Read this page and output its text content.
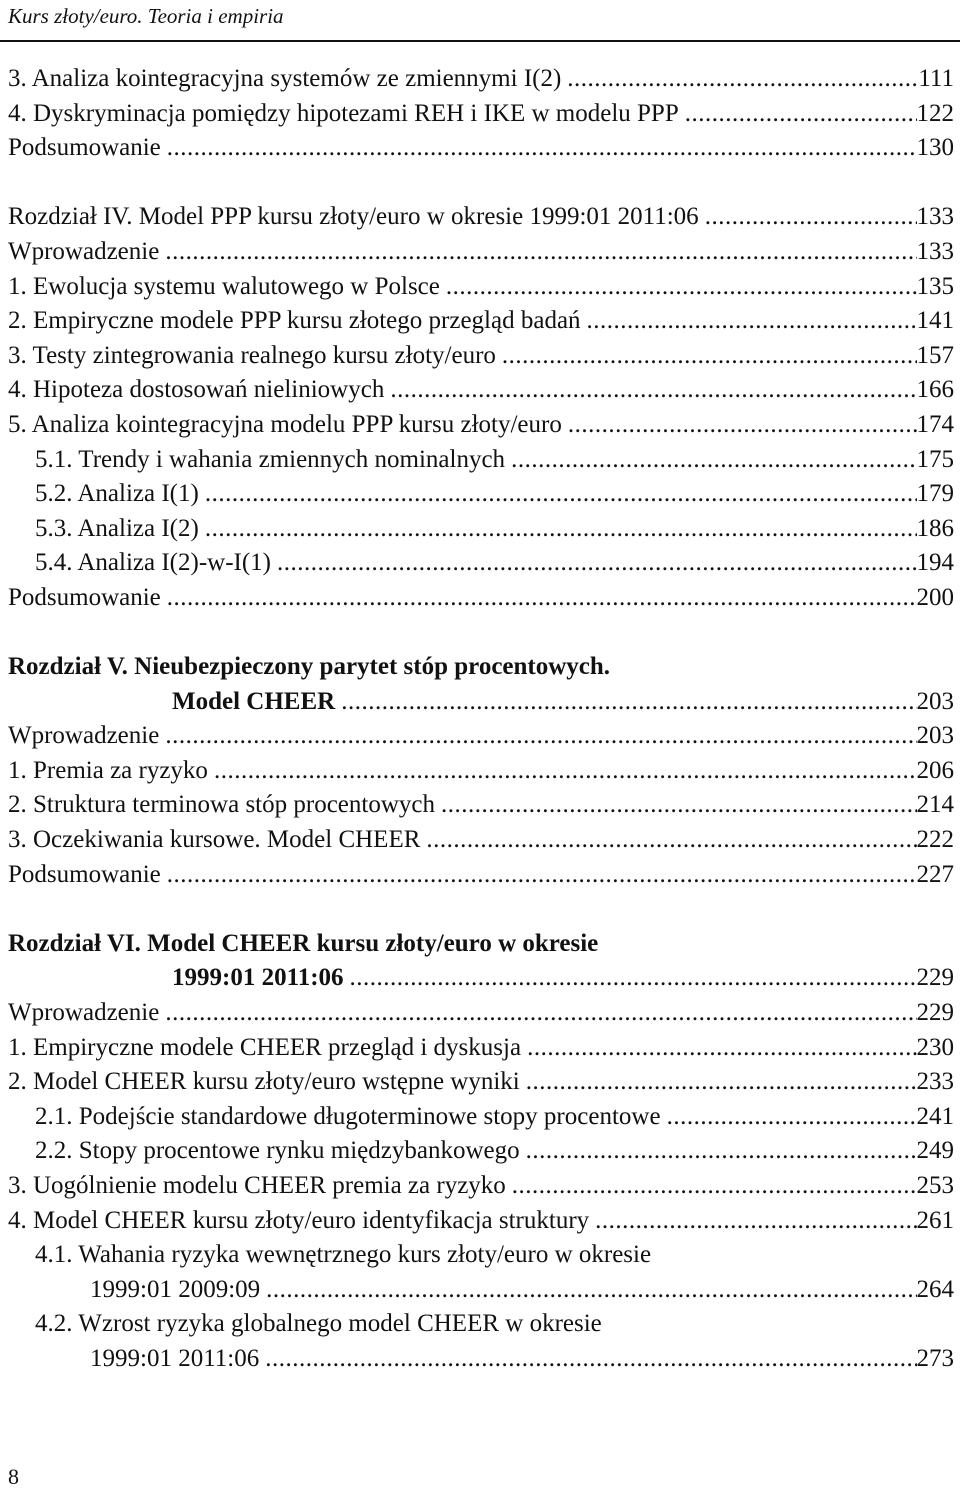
Kurs złoty/euro. Teoria i empiria
3. Analiza kointegracyjna systemów ze zmiennymi I(2) .....	111
4. Dyskryminacja pomiędzy hipotezami REH i IKE w modelu PPP .....	122
Podsumowanie .....	130
Rozdział IV. Model PPP kursu złoty/euro w okresie 1999:01 2011:06 .....	133
Wprowadzenie .....	133
1. Ewolucja systemu walutowego w Polsce .....	135
2. Empiryczne modele PPP kursu złotego przegląd badań .....	141
3. Testy zintegrowania realnego kursu złoty/euro .....	157
4. Hipoteza dostosowań nieliniowych .....	166
5. Analiza kointegracyjna modelu PPP kursu złoty/euro .....	174
5.1. Trendy i wahania zmiennych nominalnych .....	175
5.2. Analiza I(1) .....	179
5.3. Analiza I(2) .....	186
5.4. Analiza I(2)-w-I(1) .....	194
Podsumowanie .....	200
Rozdział V. Nieubezpieczony parytet stóp procentowych.
Model CHEER .....	203
Wprowadzenie .....	203
1. Premia za ryzyko .....	206
2. Struktura terminowa stóp procentowych .....	214
3. Oczekiwania kursowe. Model CHEER .....	222
Podsumowanie .....	227
Rozdział VI. Model CHEER kursu złoty/euro w okresie
1999:01 2011:06 .....	229
Wprowadzenie .....	229
1. Empiryczne modele CHEER przegląd i dyskusja .....	230
2. Model CHEER kursu złoty/euro wstępne wyniki .....	233
2.1. Podejście standardowe długoterminowe stopy procentowe .....	241
2.2. Stopy procentowe rynku międzybankowego .....	249
3. Uogólnienie modelu CHEER premia za ryzyko .....	253
4. Model CHEER kursu złoty/euro identyfikacja struktury .....	261
4.1. Wahania ryzyka wewnętrznego kurs złoty/euro w okresie
1999:01 2009:09 .....	264
4.2. Wzrost ryzyka globalnego model CHEER w okresie
1999:01 2011:06 .....	273
8
